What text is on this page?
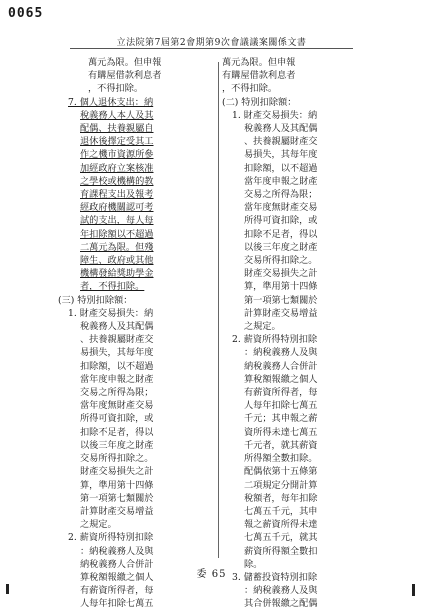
0065
立法院第7屆第2會期第9次會議議案關係文書
萬元為限。但申報
有購屋借款利息者
，不得扣除。
7. 個人退休支出：納
稅義務人本人及其
配偶、扶養親屬自
退休後擇定受其工
作之機市資源所參
加經政府立案核准
之學校或機構的教
育課程支出及報考
經政府機關認可考
試的支出，每人每
年扣除額以不超過
二萬元為限。但殘
障生、政府或其他
機構發給獎助學金
者，不得扣除。
(三) 特別扣除額：
1. 財產交易損失：納
稅義務人及其配偶
、扶養親屬財產交
易損失，其每年度
扣除額，以不超過
當年度申報之財產
交易之所得為限；
當年度無財產交易
所得可資扣除，或
扣除不足者，得以
以後三年度之財產
交易所得扣除之。
財產交易損失之計
算，準用第十四條
第一項第七類關於
計算財產交易增益
之規定。
2. 薪資所得特別扣除
：納稅義務人及與
納稅義務人合併計
算稅額報繳之個人
有薪資所得者，每
人每年扣除七萬五
萬元為限。但申報
有購屋借款利息者
，不得扣除。
(二) 特別扣除額：
1. 財產交易損失：納
稅義務人及其配偶
、扶養親屬財產交
易損失，其每年度
扣除額，以不超過
當年度申報之財產
交易之所得為限；
當年度無財產交易
所得可資扣除，或
扣除不足者，得以
以後三年度之財產
交易所得扣除之。
財產交易損失之計
算，準用第十四條
第一項第七類關於
計算財產交易增益
之規定。
2. 薪資所得特別扣除
：納稅義務人及與
納稅義務人合併計
算稅額報繳之個人
有薪資所得者，每
人每年扣除七萬五
千元；其申報之薪
資所得未達七萬五
千元者，就其薪資
所得額全數扣除。
配偶依第十五條第
二項規定分開計算
稅額者，每年扣除
七萬五千元，其申
報之薪資所得未達
七萬五千元，就其
薪資所得額全數扣
除。
3. 儲蓄投資特別扣除
：納稅義務人及與
其合併報繳之配偶
委 65
